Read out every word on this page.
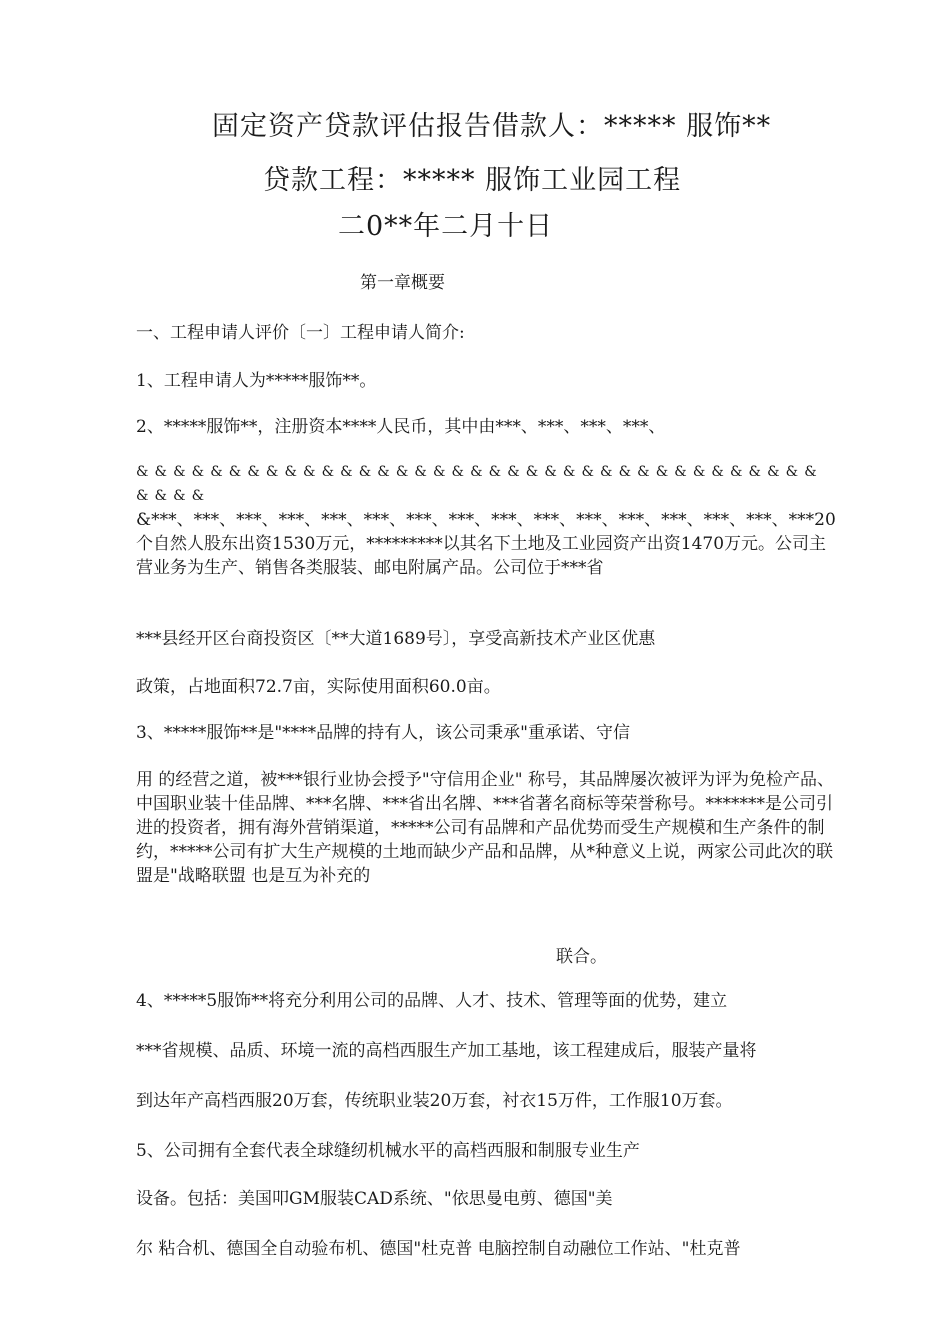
固定资产贷款评估报告借款人：***** 服饰**

贷款工程：***** 服饰工业园工程

二0**年二月十日

第一章概要

一、工程申请人评价〔一〕工程申请人简介:

1、工程申请人为*****服饰**。

2、*****服饰**，注册资本****人民币，其中由***、***、***、***、

&&&&&&&&&&&&&&&&&&&&&&&&&&&&&&&&&&&&&&&&&

&***、***、***、***、***、***、***、***、***、***、***、***、***、***、***、***20个自然人股东出资1530万元，*********以其名下土地及工业园资产出资1470万元。公司主营业务为生产、销售各类服装、邮电附属产品。公司位于***省

***县经开区台商投资区〔**大道1689号〕，享受高新技术产业区优惠

政策，占地面积72.7亩，实际使用面积60.0亩。

3、*****服饰**是"****品牌的持有人，该公司秉承"重承诺、守信

用 的经营之道，被***银行业协会授予"守信用企业" 称号，其品牌屡次被评为评为免检产品、中国职业装十佳品牌、***名牌、***省出名牌、***省著名商标等荣誉称号。*******是公司引进的投资者，拥有海外营销渠道，*****公司有品牌和产品优势而受生产规模和生产条件的制约，*****公司有扩大生产规模的土地而缺少产品和品牌，从*种意义上说，两家公司此次的联盟是"战略联盟 也是互为补充的

联合。

4、*****5服饰**将充分利用公司的品牌、人才、技术、管理等面的优势，建立

***省规模、品质、环境一流的高档西服生产加工基地，该工程建成后，服装产量将

到达年产高档西服20万套，传统职业装20万套，衬衣15万件，工作服10万套。

5、公司拥有全套代表全球缝纫机械水平的高档西服和制服专业生产

设备。包括：美国叩GM服装CAD系统、"依思曼电剪、德国"美

尔 粘合机、德国全自动验布机、德国"杜克普 电脑控制自动融位工作站、"杜克普
